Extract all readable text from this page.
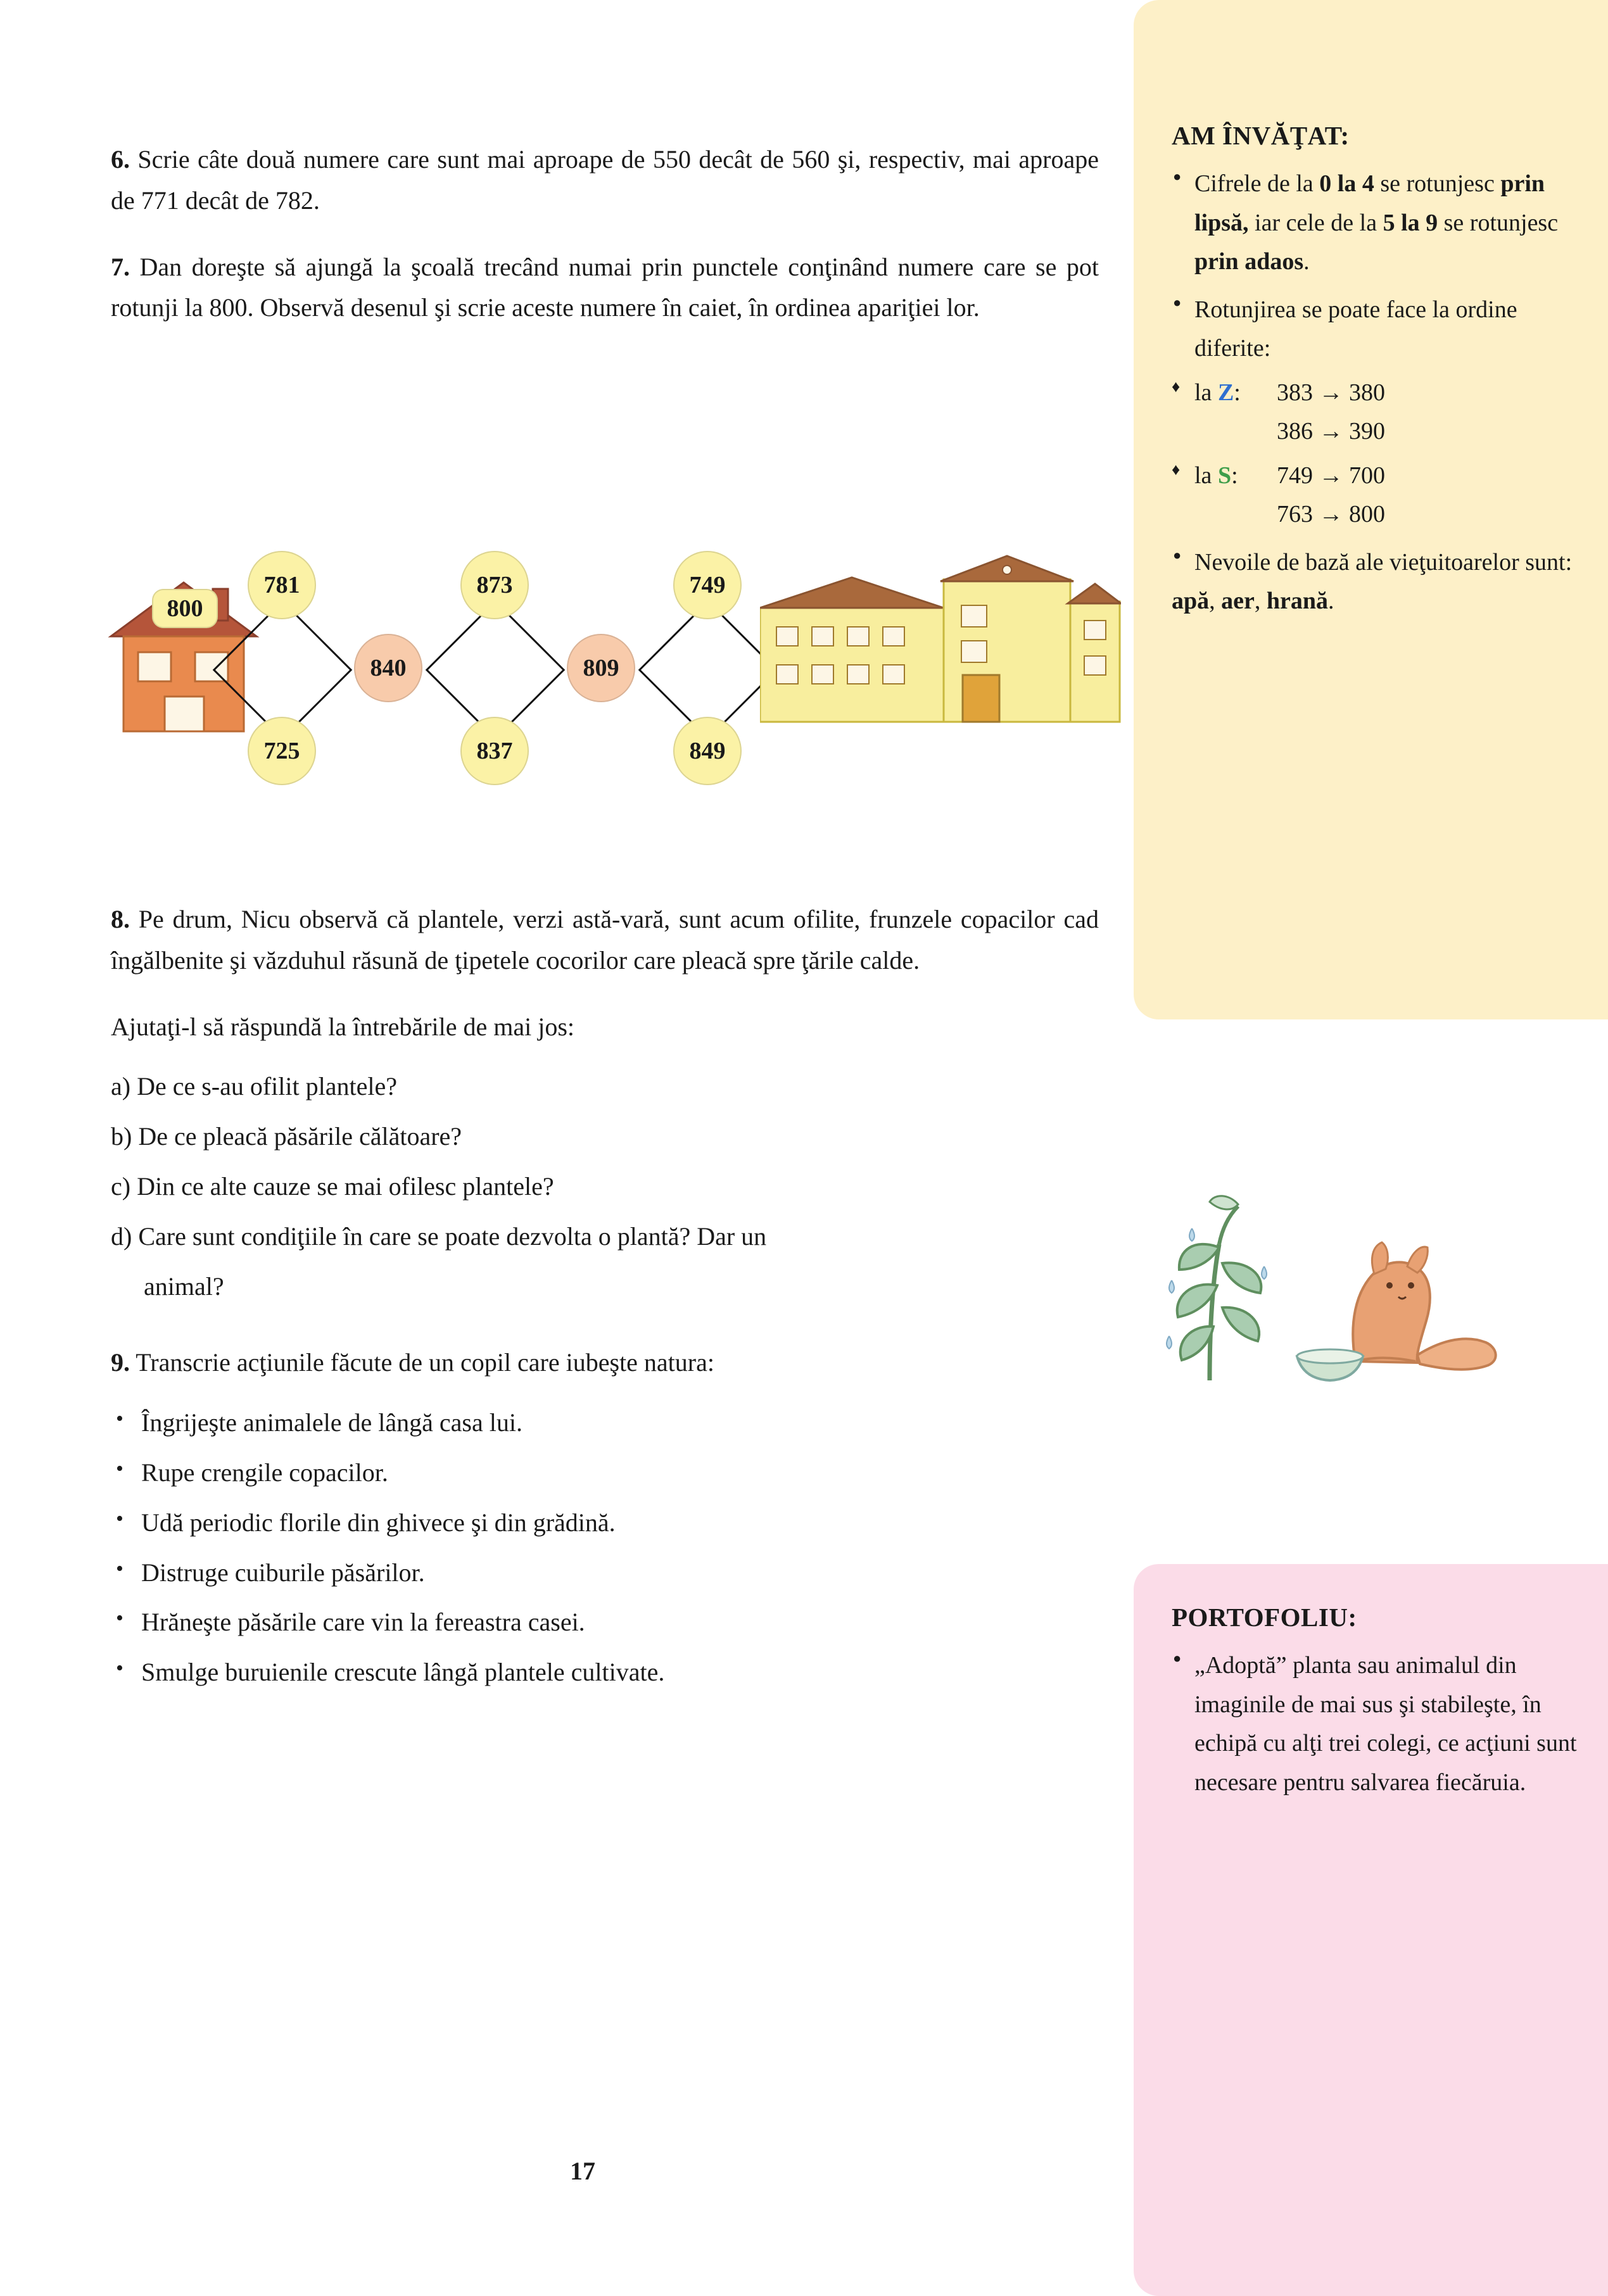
6. Scrie câte două numere care sunt mai aproape de 550 decât de 560 şi, respectiv, mai aproape de 771 decât de 782.

7. Dan doreşte să ajungă la şcoală trecând numai prin punctele conţinând numere care se pot rotunji la 800. Observă desenul şi scrie aceste numere în caiet, în ordinea apariţiei lor.

800
781	873	749
840	809
725	837	849

8. Pe drum, Nicu observă că plantele, verzi astă-vară, sunt acum ofilite, frunzele copacilor cad îngălbenite şi văzduhul răsună de ţipetele cocorilor care pleacă spre ţările calde.

Ajutaţi-l să răspundă la întrebările de mai jos:

a) De ce s-au ofilit plantele?
b) De ce pleacă păsările călătoare?
c) Din ce alte cauze se mai ofilesc plantele?
d) Care sunt condiţiile în care se poate dezvolta o plantă? Dar un
animal?

9. Transcrie acţiunile făcute de un copil care iubeşte natura:

• Îngrijeşte animalele de lângă casa lui.
• Rupe crengile copacilor.
• Udă periodic florile din ghivece şi din grădină.
• Distruge cuiburile păsărilor.
• Hrăneşte păsările care vin la fereastra casei.
• Smulge buruienile crescute lângă plantele cultivate.
AM ÎNVĂŢAT:
● Cifrele de la 0 la 4 se rotunjesc prin lipsă, iar cele de la 5 la 9 se rotunjesc prin adaos.
● Rotunjirea se poate face la ordine diferite:
♦ la Z:	383 → 380
386 → 390
♦ la S:	749 → 700
763 → 800
● Nevoile de bază ale vieţuitoarelor sunt:
apă, aer, hrană.
PORTOFOLIU:
● „Adoptă” planta sau animalul din imaginile de mai sus şi stabileşte, în echipă cu alţi trei colegi, ce acţiuni sunt necesare pentru salvarea fiecăruia.
17
